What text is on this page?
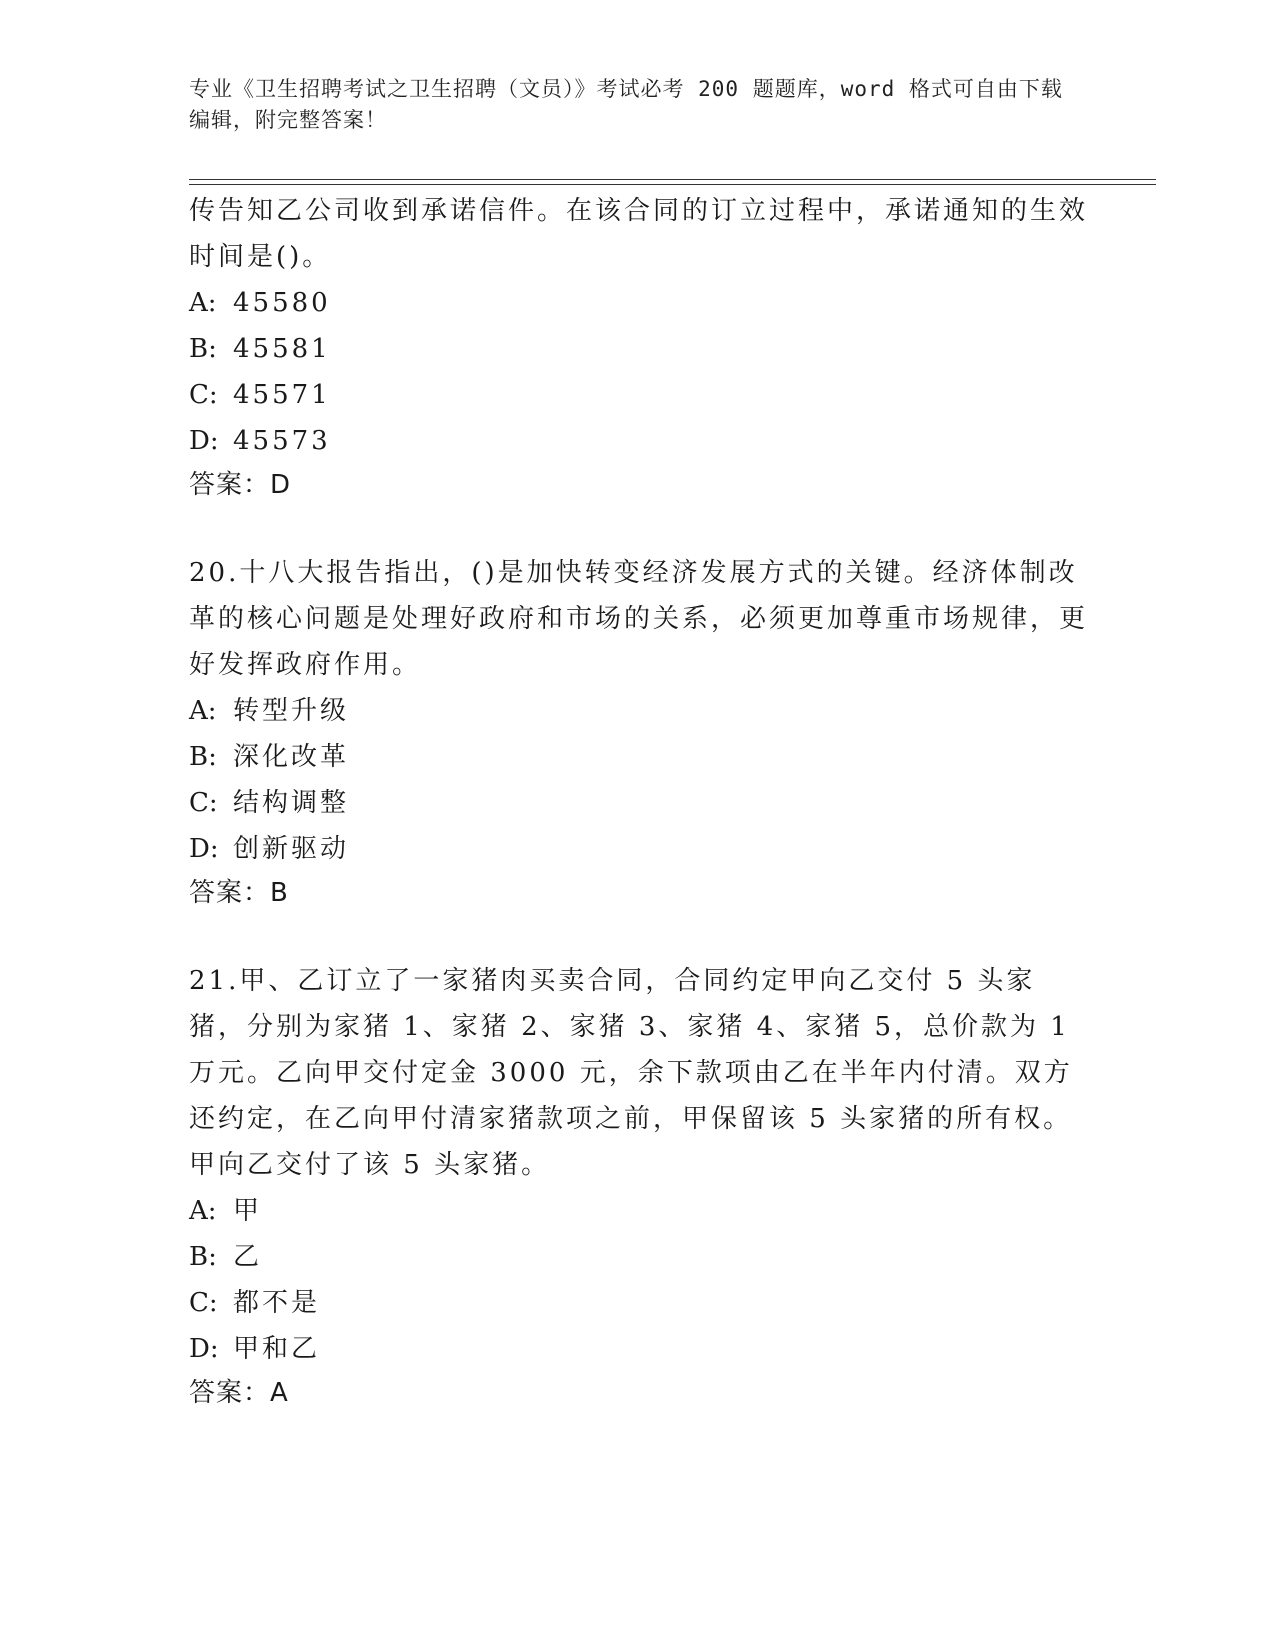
专业《卫生招聘考试之卫生招聘（文员）》考试必考 200 题题库，word 格式可自由下载编辑，附完整答案！

传告知乙公司收到承诺信件。在该合同的订立过程中，承诺通知的生效时间是()。

A: 45580

B: 45581

C: 45571

D: 45573

答案：D

20.十八大报告指出，()是加快转变经济发展方式的关键。经济体制改革的核心问题是处理好政府和市场的关系，必须更加尊重市场规律，更好发挥政府作用。

A: 转型升级

B: 深化改革

C: 结构调整

D: 创新驱动

答案：B

21.甲、乙订立了一家猪肉买卖合同，合同约定甲向乙交付 5 头家猪，分别为家猪 1、家猪 2、家猪 3、家猪 4、家猪 5，总价款为 1 万元。乙向甲交付定金 3000 元，余下款项由乙在半年内付清。双方还约定，在乙向甲付清家猪款项之前，甲保留该 5 头家猪的所有权。甲向乙交付了该 5 头家猪。

A: 甲

B: 乙

C: 都不是

D: 甲和乙

答案：A
